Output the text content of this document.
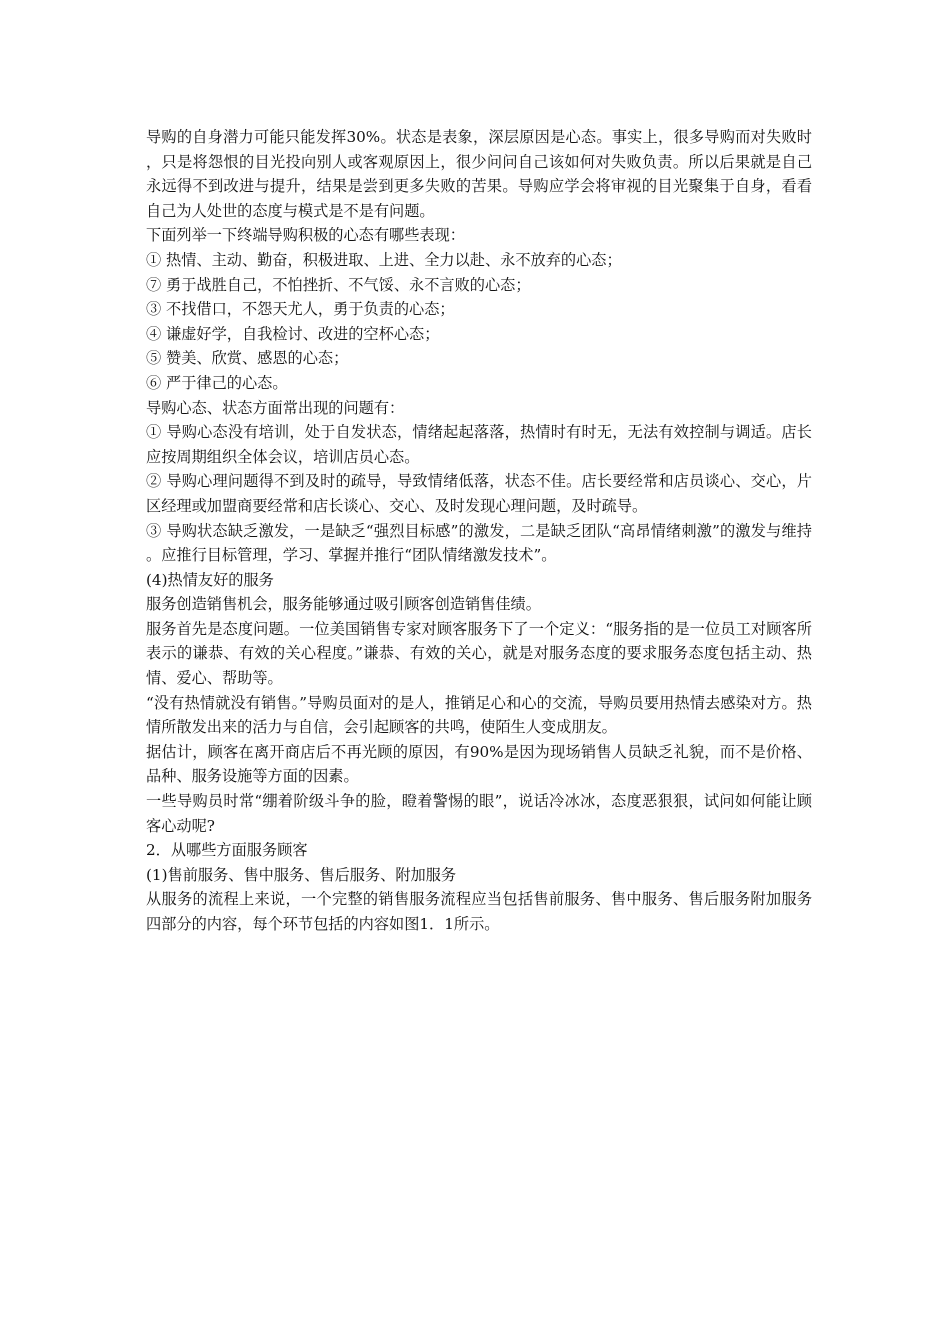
导购的自身潜力可能只能发挥30%。状态是表象，深层原因是心态。事实上，很多导购而对失败时，只是将怨恨的目光投向别人或客观原因上，很少问问自己该如何对失败负责。所以后果就是自己永远得不到改进与提升，结果是尝到更多失败的苦果。导购应学会将审视的目光聚集于自身，看看自己为人处世的态度与模式是不是有问题。

下面列举一下终端导购积极的心态有哪些表现：

① 热情、主动、勤奋，积极进取、上进、全力以赴、永不放弃的心态；

⑦ 勇于战胜自己，不怕挫折、不气馁、永不言败的心态；

③ 不找借口，不怨天尤人，勇于负责的心态；

④ 谦虚好学，自我检讨、改进的空杯心态；

⑤ 赞美、欣赏、感恩的心态；

⑥ 严于律己的心态。

导购心态、状态方面常出现的问题有：

① 导购心态没有培训，处于自发状态，情绪起起落落，热情时有时无，无法有效控制与调适。店长应按周期组织全体会议，培训店员心态。

② 导购心理问题得不到及时的疏导，导致情绪低落，状态不佳。店长要经常和店员谈心、交心，片区经理或加盟商要经常和店长谈心、交心、及时发现心理问题，及时疏导。

③ 导购状态缺乏激发，一是缺乏“强烈目标感”的激发，二是缺乏团队“高昂情绪刺激”的激发与维持。应推行目标管理，学习、掌握并推行“团队情绪激发技术”。

(4)热情友好的服务

服务创造销售机会，服务能够通过吸引顾客创造销售佳绩。

服务首先是态度问题。一位美国销售专家对顾客服务下了一个定义：“服务指的是一位员工对顾客所表示的谦恭、有效的关心程度。”谦恭、有效的关心，就是对服务态度的要求服务态度包括主动、热情、爱心、帮助等。

“没有热情就没有销售。”导购员面对的是人，推销足心和心的交流，导购员要用热情去感染对方。热情所散发出来的活力与自信，会引起顾客的共鸣，使陌生人变成朋友。

据估计，顾客在离开商店后不再光顾的原因，有90%是因为现场销售人员缺乏礼貌，而不是价格、品种、服务设施等方面的因素。

一些导购员时常“绷着阶级斗争的脸，瞪着警惕的眼”，说话冷冰冰，态度恶狠狠，试问如何能让顾客心动呢?

2．从哪些方面服务顾客

(1)售前服务、售中服务、售后服务、附加服务

从服务的流程上来说，一个完整的销售服务流程应当包括售前服务、售中服务、售后服务附加服务四部分的内容，每个环节包括的内容如图1．1所示。
